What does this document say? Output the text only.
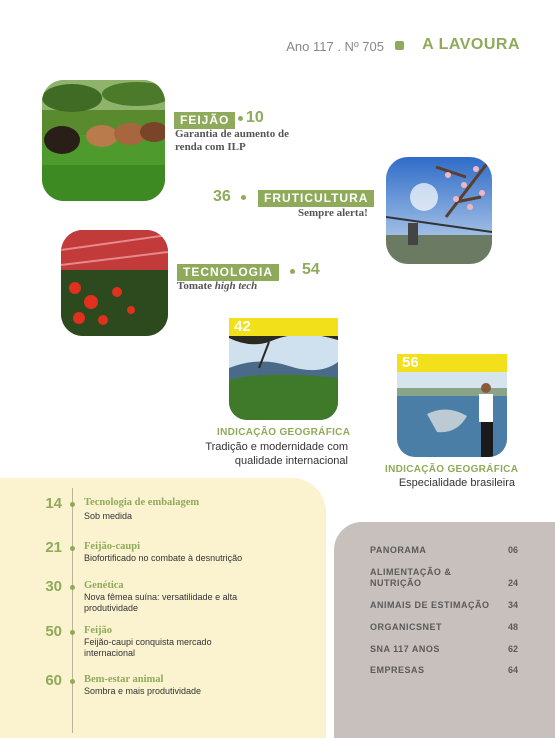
Ano 117 . Nº 705 A LAVOURA
FEIJÃO	10
Garantia de aumento de renda com ILP
36	FRUTICULTURA
Sempre alerta!
TECNOLOGIA	54
Tomate high tech
42
INDICAÇÃO GEOGRÁFICA
Tradição e modernidade com qualidade internacional
56
INDICAÇÃO GEOGRÁFICA
Especialidade brasileira
14 Tecnologia de embalagem
Sob medida
21 Feijão-caupi
Biofortificado no combate à desnutrição
30 Genética
Nova fêmea suína: versatilidade e alta produtividade
50 Feijão
Feijão-caupi conquista mercado internacional
60 Bem-estar animal
Sombra e mais produtividade
PANORAMA	06
ALIMENTAÇÃO & NUTRIÇÃO	24
ANIMAIS DE ESTIMAÇÃO	34
ORGANICSNET	48
SNA 117 ANOS	62
EMPRESAS	64
